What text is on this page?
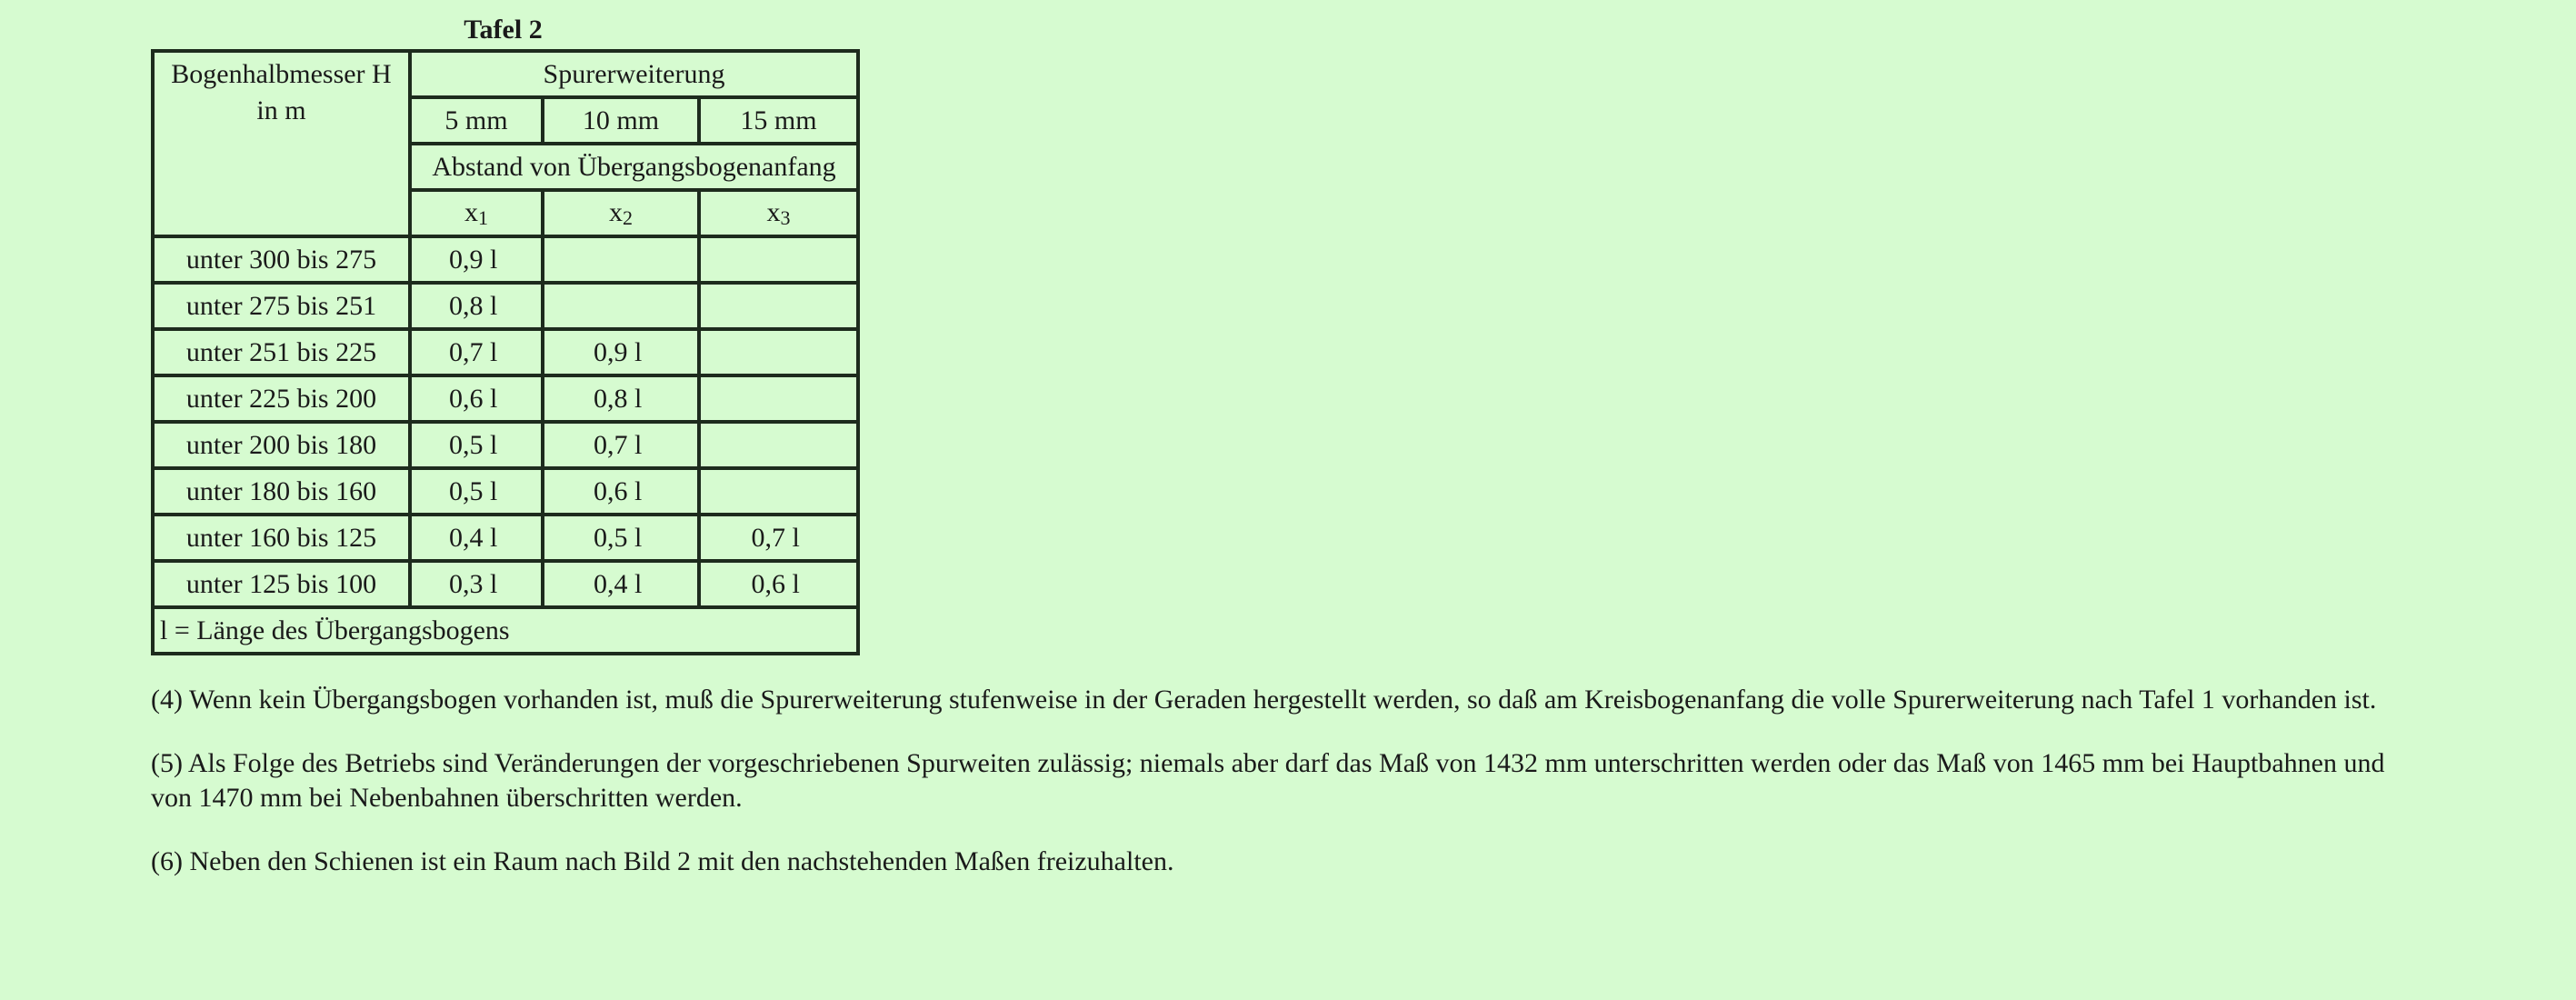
Tafel 2
Bogenhalbmesser H
in m	Spurerweiterung		
	5 mm	10 mm	15 mm
	Abstand von Übergangsbogenanfang		
	$x_1$	$x_2$	$x_3$
unter 300 bis 275	0,9 l		
unter 275 bis 251	0,8 l		
unter 251 bis 225	0,7 l	0,9 l	
unter 225 bis 200	0,6 l	0,8 l	
unter 200 bis 180	0,5 l	0,7 l	
unter 180 bis 160	0,5 l	0,6 l	
unter 160 bis 125	0,4 l	0,5 l	0,7 l
unter 125 bis 100	0,3 l	0,4 l	0,6 l
l = Länge des Übergangsbogens			

(4) Wenn kein Übergangsbogen vorhanden ist, muß die Spurerweiterung stufenweise in der Geraden hergestellt werden, so daß am Kreisbogenanfang die volle Spurerweiterung nach Tafel 1 vorhanden ist.

(5) Als Folge des Betriebs sind Veränderungen der vorgeschriebenen Spurweiten zulässig; niemals aber darf das Maß von 1432 mm unterschritten werden oder das Maß von 1465 mm bei Hauptbahnen und von 1470 mm bei Nebenbahnen überschritten werden.

(6) Neben den Schienen ist ein Raum nach Bild 2 mit den nachstehenden Maßen freizuhalten.
